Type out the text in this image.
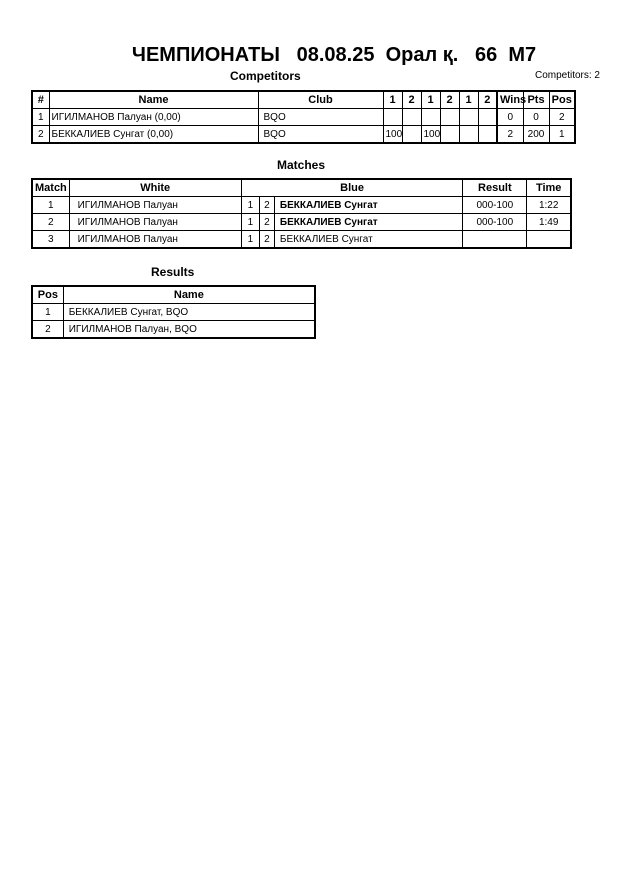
ЧЕМПИОНАТЫ   08.08.25  Орал қ.   66  М7
Competitors	Competitors: 2
#	Name	Club	1	2	1	2	1	2	Wins	Pts	Pos
1	ИГИЛМАНОВ Палуан (0,00)	BQO							0	0	2
2	БЕККАЛИЕВ Сунгат (0,00)	BQO	100		100				2	200	1
Matches
Match	White	Blue			Result	Time
1	ИГИЛМАНОВ Палуан	1	2	БЕККАЛИЕВ Сунгат	000-100	1:22
2	ИГИЛМАНОВ Палуан	1	2	БЕККАЛИЕВ Сунгат	000-100	1:49
3	ИГИЛМАНОВ Палуан	1	2	БЕККАЛИЕВ Сунгат		
Results
Pos	Name
1	БЕККАЛИЕВ Сунгат, BQO
2	ИГИЛМАНОВ Палуан, BQO
